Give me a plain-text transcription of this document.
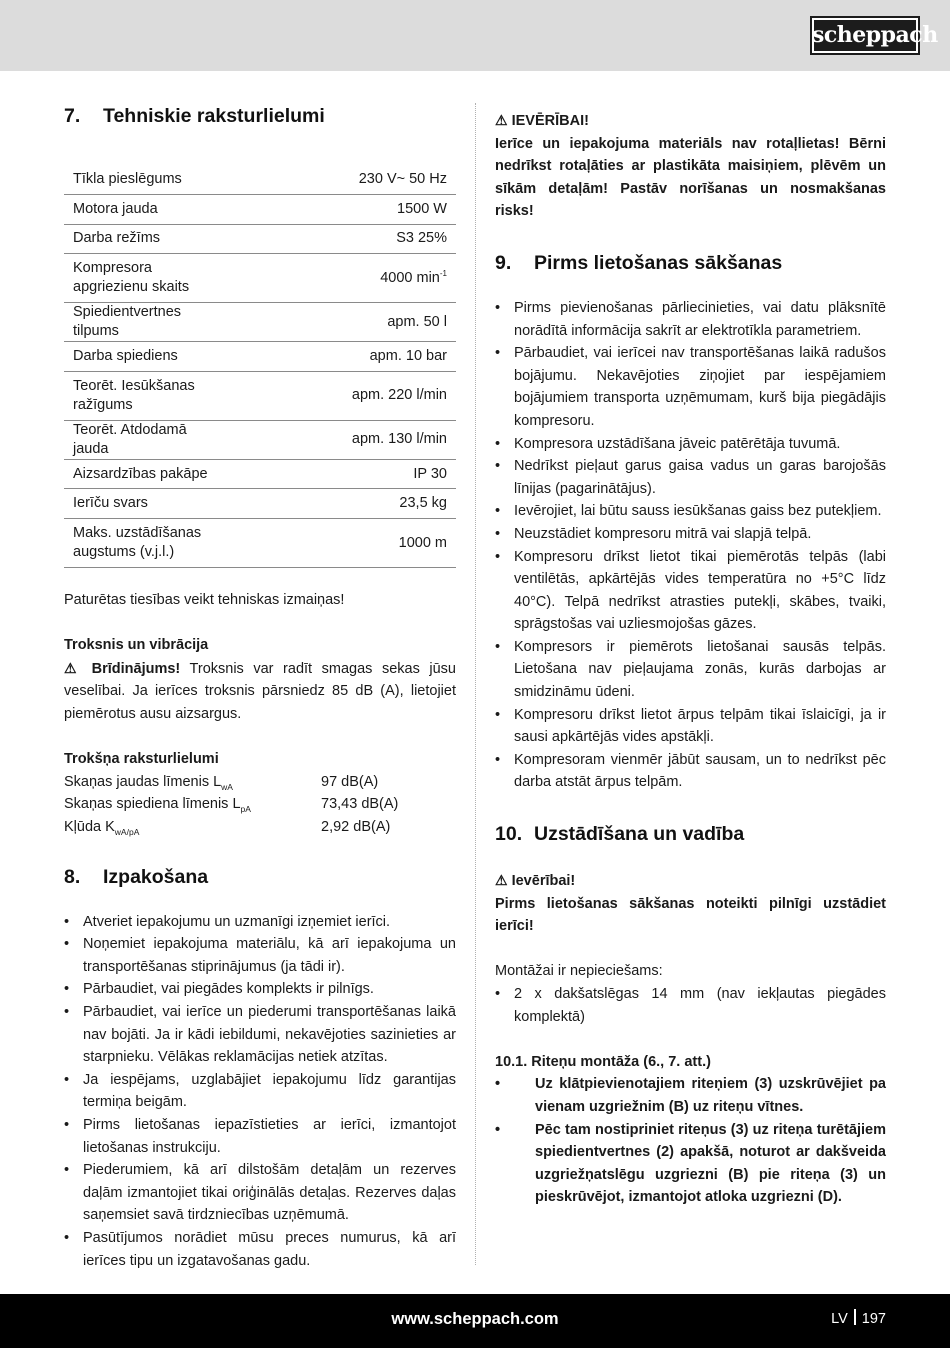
scheppach
7. Tehniskie raksturlielumi
Tīkla pieslēgums	230 V~ 50 Hz
Motora jauda	1500 W
Darba režīms	S3 25%
Kompresora apgriezienu skaits	4000 $\min^{-1}$
Spiedientvertnes tilpums	apm. 50 l
Darba spiediens	apm. 10 bar
Teorēt. Iesūkšanas ražīgums	apm. 220 l/min
Teorēt. Atdodamā jauda	apm. 130 l/min
Aizsardzības pakāpe	IP 30
Ierīču svars	23,5 kg
Maks. uzstādīšanas augstums (v.j.l.)	1000 m

Paturētas tiesības veikt tehniskas izmaiņas!

Troksnis un vibrācija

⚠ Brīdinājums! Troksnis var radīt smagas sekas jūsu veselībai. Ja ierīces troksnis pārsniedz 85 dB (A), lietojiet piemērotus ausu aizsargus.

Trokšņa raksturlielumi

Skaņas jaudas līmenis $L_{wA}$	97 dB(A)
Skaņas spiediena līmenis $L_{pA}$	73,43 dB(A)
Kļūda $K_{wA/pA}$	2,92 dB(A)
8. Izpakošana
• Atveriet iepakojumu un uzmanīgi izņemiet ierīci.
• Noņemiet iepakojuma materiālu, kā arī iepakojuma un transportēšanas stiprinājumus (ja tādi ir).
• Pārbaudiet, vai piegādes komplekts ir pilnīgs.
• Pārbaudiet, vai ierīce un piederumi transportēšanas laikā nav bojāti. Ja ir kādi iebildumi, nekavējoties sazinieties ar starpnieku. Vēlākas reklamācijas netiek atzītas.
• Ja iespējams, uzglabājiet iepakojumu līdz garantijas termiņa beigām.
• Pirms lietošanas iepazīstieties ar ierīci, izmantojot lietošanas instrukciju.
• Piederumiem, kā arī dilstošām detaļām un rezerves daļām izmantojiet tikai oriģinālās detaļas. Rezerves daļas saņemsiet savā tirdzniecības uzņēmumā.
• Pasūtījumos norādiet mūsu preces numurus, kā arī ierīces tipu un izgatavošanas gadu.

⚠ IEVĒRĪBAI!

Ierīce un iepakojuma materiāls nav rotaļlietas! Bērni nedrīkst rotaļāties ar plastikāta maisiņiem, plēvēm un sīkām detaļām! Pastāv norīšanas un nosmakšanas risks!

9. Pirms lietošanas sākšanas
• Pirms pievienošanas pārliecinieties, vai datu plāksnītē norādītā informācija sakrīt ar elektrotīkla parametriem.
• Pārbaudiet, vai ierīcei nav transportēšanas laikā radušos bojājumu. Nekavējoties ziņojiet par iespējamiem bojājumiem transporta uzņēmumam, kurš bija piegādājis kompresoru.
• Kompresora uzstādīšana jāveic patērētāja tuvumā.
• Nedrīkst pieļaut garus gaisa vadus un garas barojošās līnijas (pagarinātājus).
• Ievērojiet, lai būtu sauss iesūkšanas gaiss bez putekļiem.
• Neuzstādiet kompresoru mitrā vai slapjā telpā.
• Kompresoru drīkst lietot tikai piemērotās telpās (labi ventilētās, apkārtējās vides temperatūra no +5°C līdz 40°C). Telpā nedrīkst atrasties putekļi, skābes, tvaiki, sprāgstošas vai uzliesmojošas gāzes.
• Kompresors ir piemērots lietošanai sausās telpās. Lietošana nav pieļaujama zonās, kurās darbojas ar smidzināmu ūdeni.
• Kompresoru drīkst lietot ārpus telpām tikai īslaicīgi, ja ir sausi apkārtējās vides apstākļi.
• Kompresoram vienmēr jābūt sausam, un to nedrīkst pēc darba atstāt ārpus telpām.
10. Uzstādīšana un vadība

⚠ Ievērībai!

Pirms lietošanas sākšanas noteikti pilnīgi uzstādiet ierīci!

Montāžai ir nepieciešams:

• 2 x dakšatslēgas 14 mm (nav iekļautas piegādes komplektā)

10.1. Riteņu montāža (6., 7. att.)

• Uz klātpievienotajiem riteņiem (3) uzskrūvējiet pa vienam uzgriežnim (B) uz riteņu vītnes.
• Pēc tam nostipriniet riteņus (3) uz riteņa turētājiem spiedientvertnes (2) apakšā, noturot ar dakšveida uzgriežņatslēgu uzgriezni (B) pie riteņa (3) un pieskrūvējot, izmantojot atloka uzgriezni (D).
www.scheppach.com	LV 197
